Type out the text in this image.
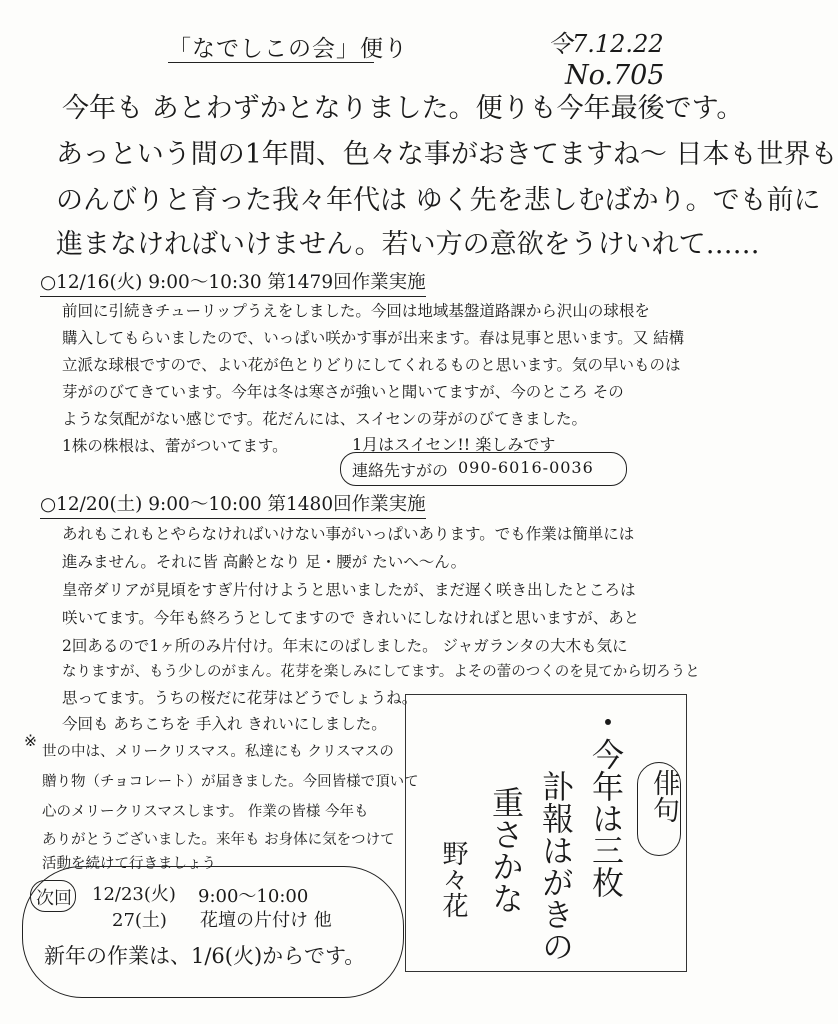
「なでしこの会」便り	令7.12.22
No.705
今年も あとわずかとなりました。便りも今年最後です。
あっという間の1年間、色々な事がおきてますね～ 日本も世界も
のんびりと育った我々年代は ゆく先を悲しむばかり。でも前に
進まなければいけません。若い方の意欲をうけいれて……
○12/16(火) 9:00～10:30 第1479回作業実施
前回に引続きチューリップうえをしました。今回は地域基盤道路課から沢山の球根を
購入してもらいましたので、いっぱい咲かす事が出来ます。春は見事と思います。又 結構
立派な球根ですので、よい花が色とりどりにしてくれるものと思います。気の早いものは
芽がのびてきています。今年は冬は寒さが強いと聞いてますが、今のところ その
ような気配がない感じです。花だんには、スイセンの芽がのびてきました。
1株の株根は、蕾がついてます。	1月はスイセン!! 楽しみです
連絡先すがの 090-6016-0036
○12/20(土) 9:00～10:00 第1480回作業実施
あれもこれもとやらなければいけない事がいっぱいあります。でも作業は簡単には
進みません。それに皆 高齢となり 足・腰が たいへ～ん。
皇帝ダリアが見頃をすぎ片付けようと思いましたが、まだ遅く咲き出したところは
咲いてます。今年も終ろうとしてますので きれいにしなければと思いますが、あと
2回あるので1ヶ所のみ片付け。年末にのばしました。 ジャガランタの大木も気に
なりますが、もう少しのがまん。花芽を楽しみにしてます。よその蕾のつくのを見てから切ろうと
思ってます。うちの桜だに花芽はどうでしょうね。
今回も あちこちを 手入れ きれいにしました。
※
世の中は、メリークリスマス。私達にも クリスマスの
贈り物（チョコレート）が届きました。今回皆様で頂いて
心のメリークリスマスします。 作業の皆様 今年も
ありがとうございました。来年も お身体に気をつけて
活動を続けて行きましょう
次回 12/23(火)
27(土)
9:00～10:00
花壇の片付け 他
新年の作業は、1/6(火)からです。
俳句
・今年は三枚
訃報はがきの
重さかな
野々花
